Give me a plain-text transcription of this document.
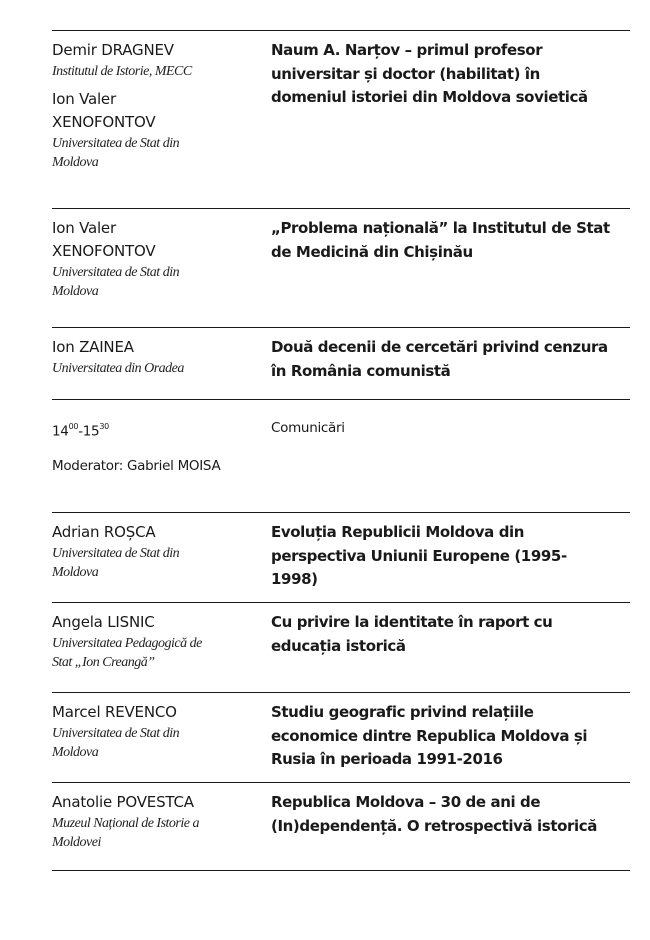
Demir DRAGNEV
Institutul de Istorie, MECC
Ion Valer XENOFONTOV
Universitatea de Stat din Moldova
Naum A. Narțov – primul profesor universitar și doctor (habilitat) în domeniul istoriei din Moldova sovietică
Ion Valer XENOFONTOV
Universitatea de Stat din Moldova
„Problema națională” la Institutul de Stat de Medicină din Chișinău
Ion ZAINEA
Universitatea din Oradea
Două decenii de cercetări privind cenzura în România comunistă
$14^{00}-15^{30}$
Moderator: Gabriel MOISA
Comunicări
Adrian ROȘCA
Universitatea de Stat din Moldova
Evoluția Republicii Moldova din perspectiva Uniunii Europene (1995-1998)
Angela LISNIC
Universitatea Pedagogică de Stat „Ion Creangă”
Cu privire la identitate în raport cu educația istorică
Marcel REVENCO
Universitatea de Stat din Moldova
Studiu geografic privind relațiile economice dintre Republica Moldova și Rusia în perioada 1991-2016
Anatolie POVESTCA
Muzeul Național de Istorie a Moldovei
Republica Moldova – 30 de ani de (In)dependență. O retrospectivă istorică
